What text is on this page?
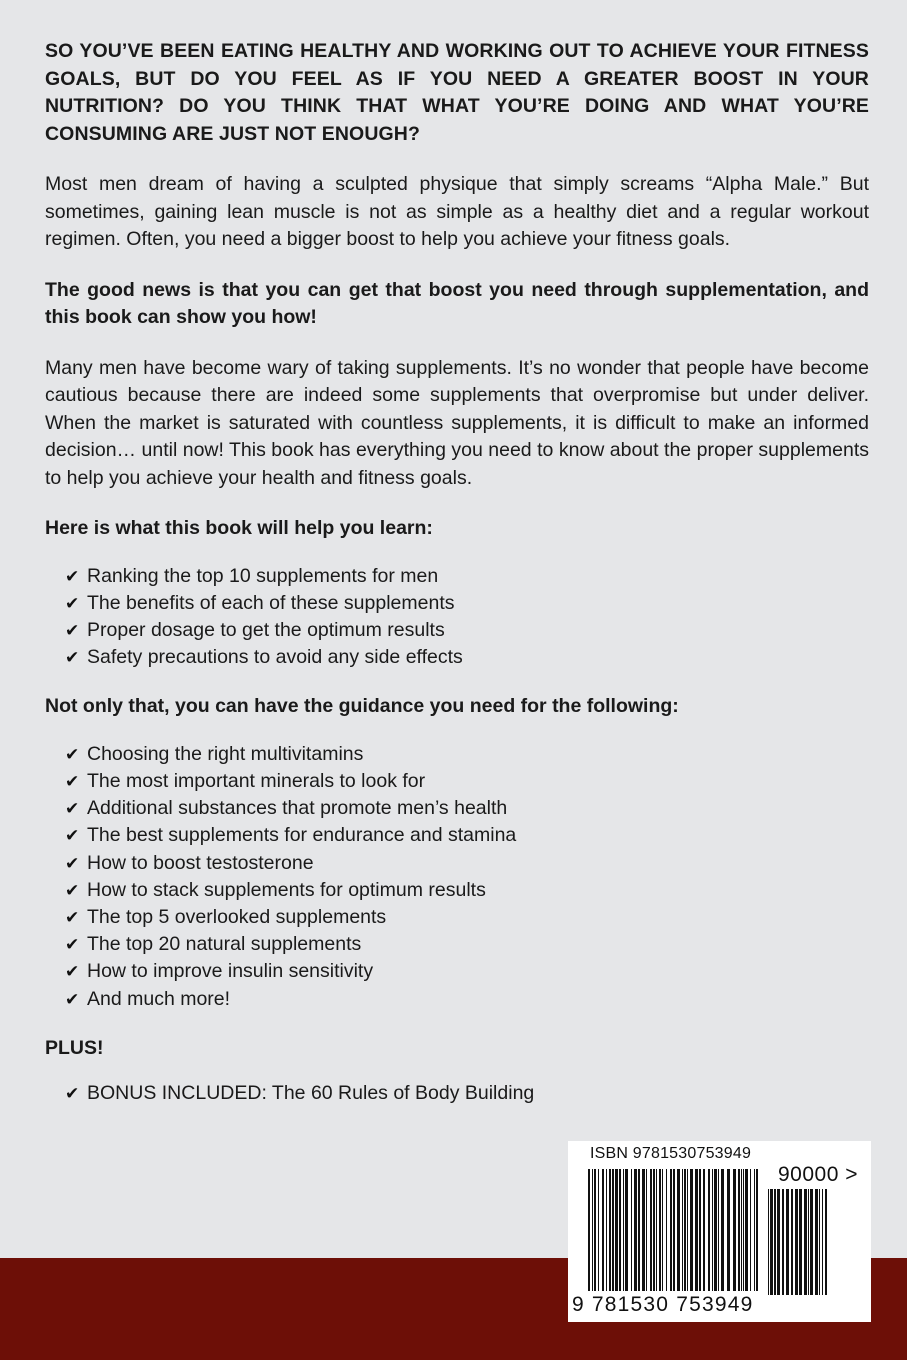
SO YOU’VE BEEN EATING HEALTHY AND WORKING OUT TO ACHIEVE YOUR FITNESS GOALS, BUT DO YOU FEEL AS IF YOU NEED A GREATER BOOST IN YOUR NUTRITION? DO YOU THINK THAT WHAT YOU’RE DOING AND WHAT YOU’RE CONSUMING ARE JUST NOT ENOUGH?

Most men dream of having a sculpted physique that simply screams “Alpha Male.” But sometimes, gaining lean muscle is not as simple as a healthy diet and a regular workout regimen. Often, you need a bigger boost to help you achieve your fitness goals.

The good news is that you can get that boost you need through supplementation, and this book can show you how!

Many men have become wary of taking supplements. It’s no wonder that people have become cautious because there are indeed some supplements that overpromise but under deliver. When the market is saturated with countless supplements, it is difficult to make an informed decision… until now! This book has everything you need to know about the proper supplements to help you achieve your health and fitness goals.

Here is what this book will help you learn:

✔ Ranking the top 10 supplements for men
✔ The benefits of each of these supplements
✔ Proper dosage to get the optimum results
✔ Safety precautions to avoid any side effects

Not only that, you can have the guidance you need for the following:

✔ Choosing the right multivitamins
✔ The most important minerals to look for
✔ Additional substances that promote men’s health
✔ The best supplements for endurance and stamina
✔ How to boost testosterone
✔ How to stack supplements for optimum results
✔ The top 5 overlooked supplements
✔ The top 20 natural supplements
✔ How to improve insulin sensitivity
✔ And much more!

PLUS!

✔ BONUS INCLUDED: The 60 Rules of Body Building
ISBN 9781530753949
90000 >
9 781530 753949
